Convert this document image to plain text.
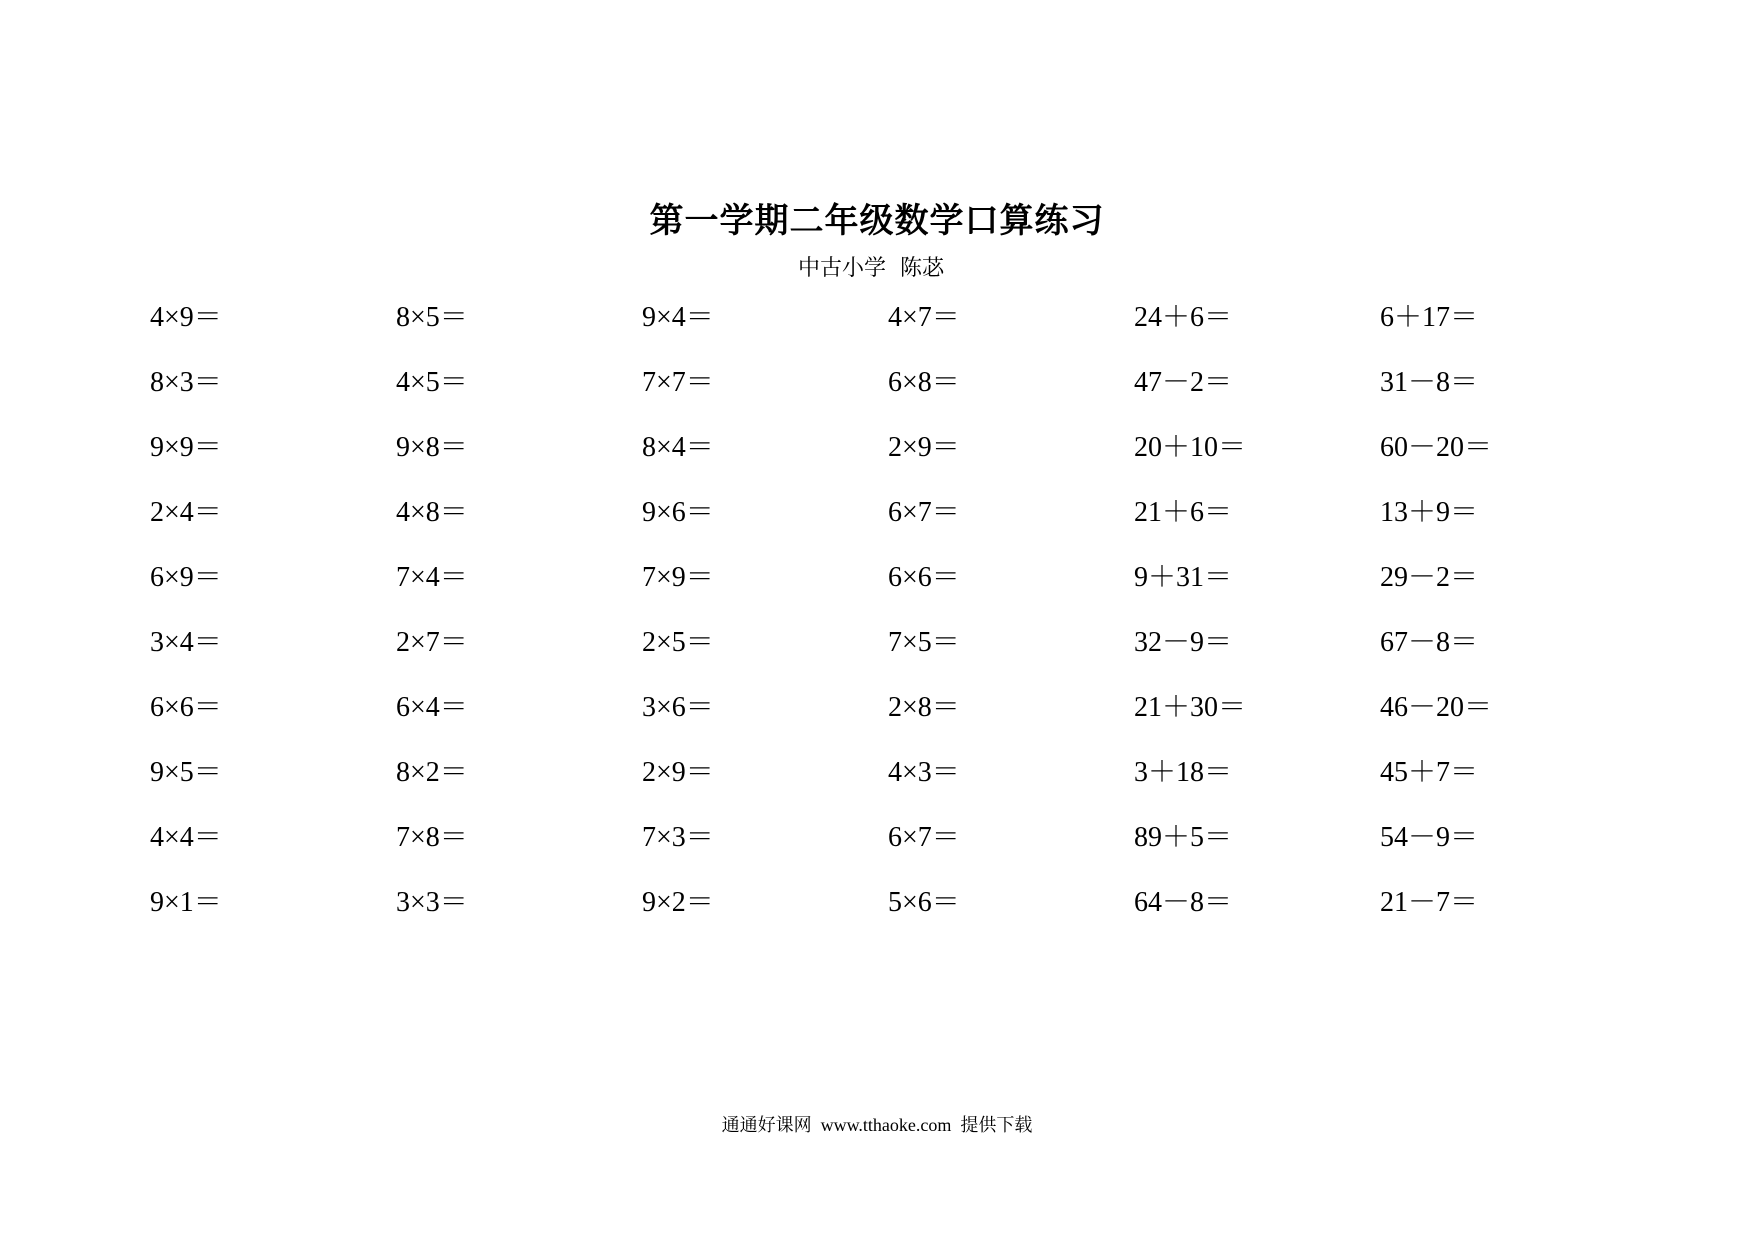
第一学期二年级数学口算练习
中古小学  陈苾
4×9＝	8×5＝	9×4＝	4×7＝	24＋6＝	6＋17＝
8×3＝	4×5＝	7×7＝	6×8＝	47－2＝	31－8＝
9×9＝	9×8＝	8×4＝	2×9＝	20＋10＝	60－20＝
2×4＝	4×8＝	9×6＝	6×7＝	21＋6＝	13＋9＝
6×9＝	7×4＝	7×9＝	6×6＝	9＋31＝	29－2＝
3×4＝	2×7＝	2×5＝	7×5＝	32－9＝	67－8＝
6×6＝	6×4＝	3×6＝	2×8＝	21＋30＝	46－20＝
9×5＝	8×2＝	2×9＝	4×3＝	3＋18＝	45＋7＝
4×4＝	7×8＝	7×3＝	6×7＝	89＋5＝	54－9＝
9×1＝	3×3＝	9×2＝	5×6＝	64－8＝	21－7＝
通通好课网  www.tthaoke.com  提供下载
